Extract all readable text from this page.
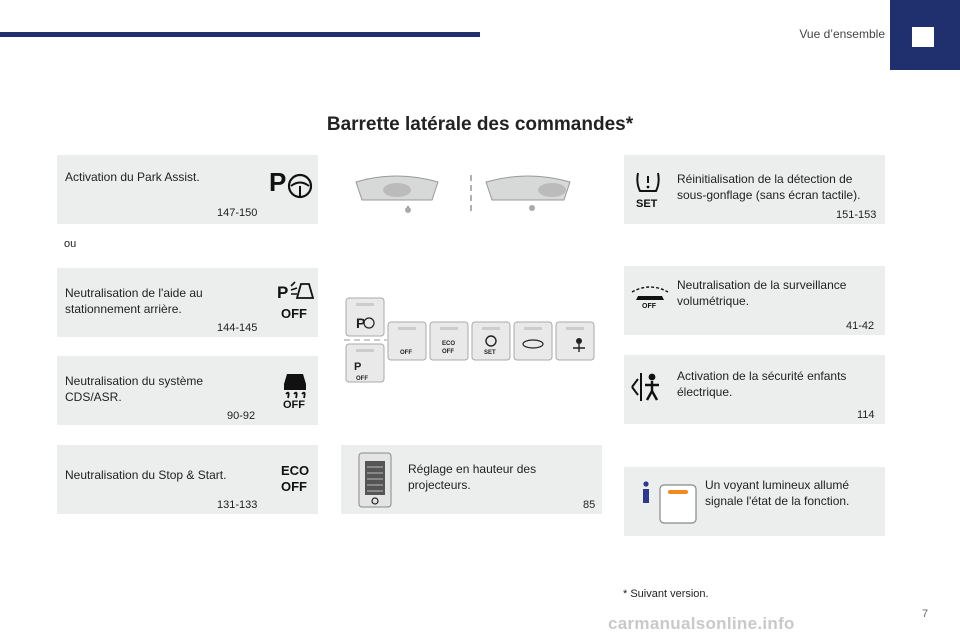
Vue d’ensemble
Barrette latérale des commandes*
Activation du Park Assist.
147-150
P
ou
Neutralisation de l'aide au stationnement arrière.
144-145
P
OFF
Neutralisation du système CDS/ASR.
90-92
OFF
Neutralisation du Stop & Start.
131-133
ECO
OFF
P
P
OFF
OFF
ECO
OFF	SET
Réglage en hauteur des projecteurs.
85
Réinitialisation de la détection de sous-gonflage (sans écran tactile).
151-153
SET
Neutralisation de la surveillance volumétrique.
41-42
OFF
Activation de la sécurité enfants électrique.
114
Un voyant lumineux allumé signale l'état de la fonction.
* Suivant version.
7
carmanualsonline.info
